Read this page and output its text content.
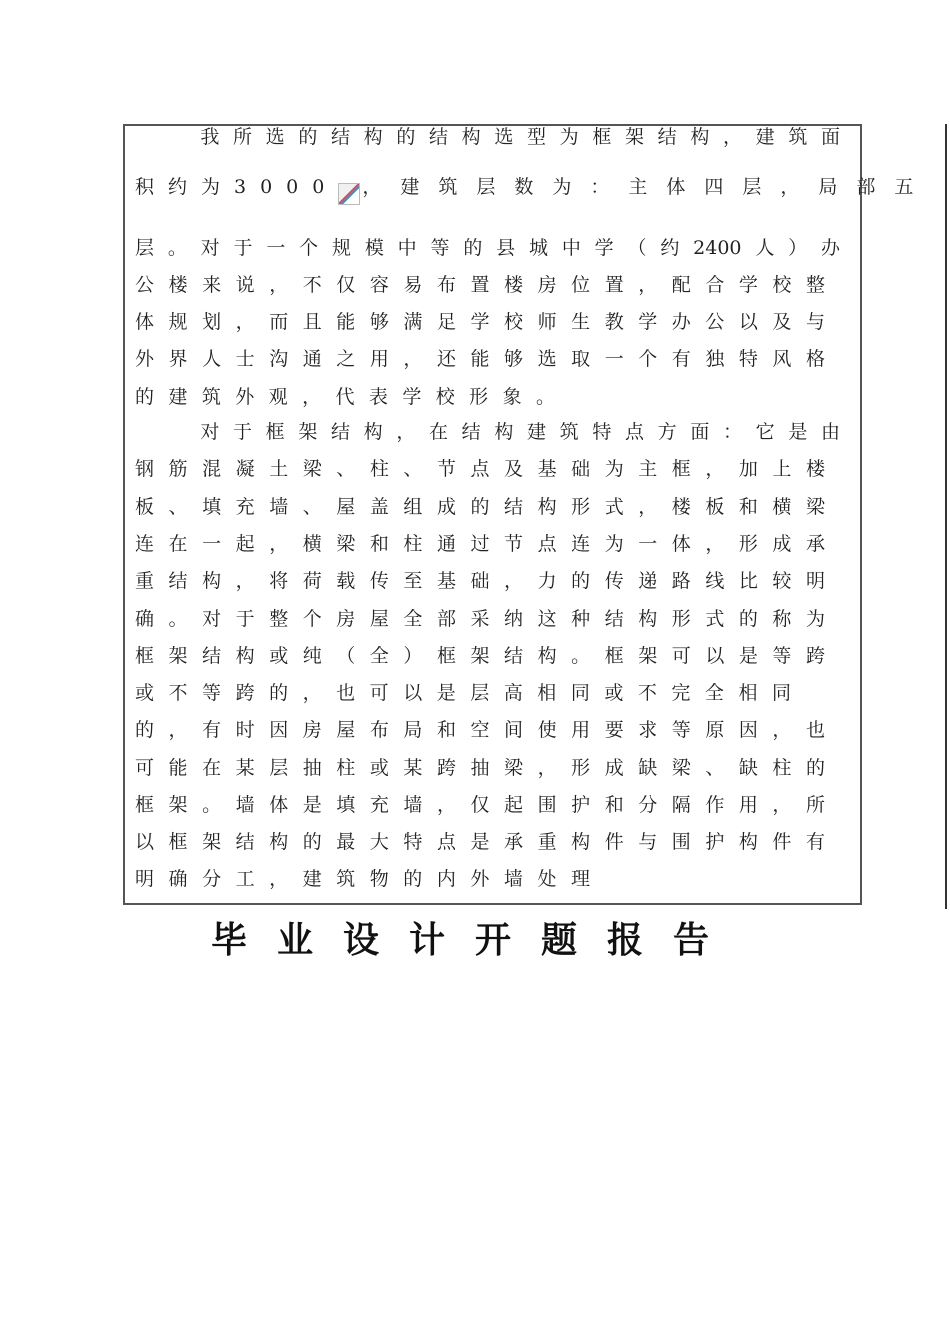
　　我所选的结构的结构选型为框架结构，建筑面
积约为3000 ，建筑层数为：主体四层，局部五
层。对于一个规模中等的县城中学（约2400人）办
公楼来说，不仅容易布置楼房位置，配合学校整
体规划，而且能够满足学校师生教学办公以及与
外界人士沟通之用，还能够选取一个有独特风格
的建筑外观，代表学校形象。
　　对于框架结构，在结构建筑特点方面：它是由
钢筋混凝土梁、柱、节点及基础为主框，加上楼
板、填充墙、屋盖组成的结构形式，楼板和横梁
连在一起，横梁和柱通过节点连为一体，形成承
重结构，将荷载传至基础，力的传递路线比较明
确。对于整个房屋全部采纳这种结构形式的称为
框架结构或纯（全）框架结构。框架可以是等跨
或不等跨的，也可以是层高相同或不完全相同
的，有时因房屋布局和空间使用要求等原因，也
可能在某层抽柱或某跨抽梁，形成缺梁、缺柱的
框架。墙体是填充墙，仅起围护和分隔作用，所
以框架结构的最大特点是承重构件与围护构件有
明确分工，建筑物的内外墙处理
毕业设计开题报告
